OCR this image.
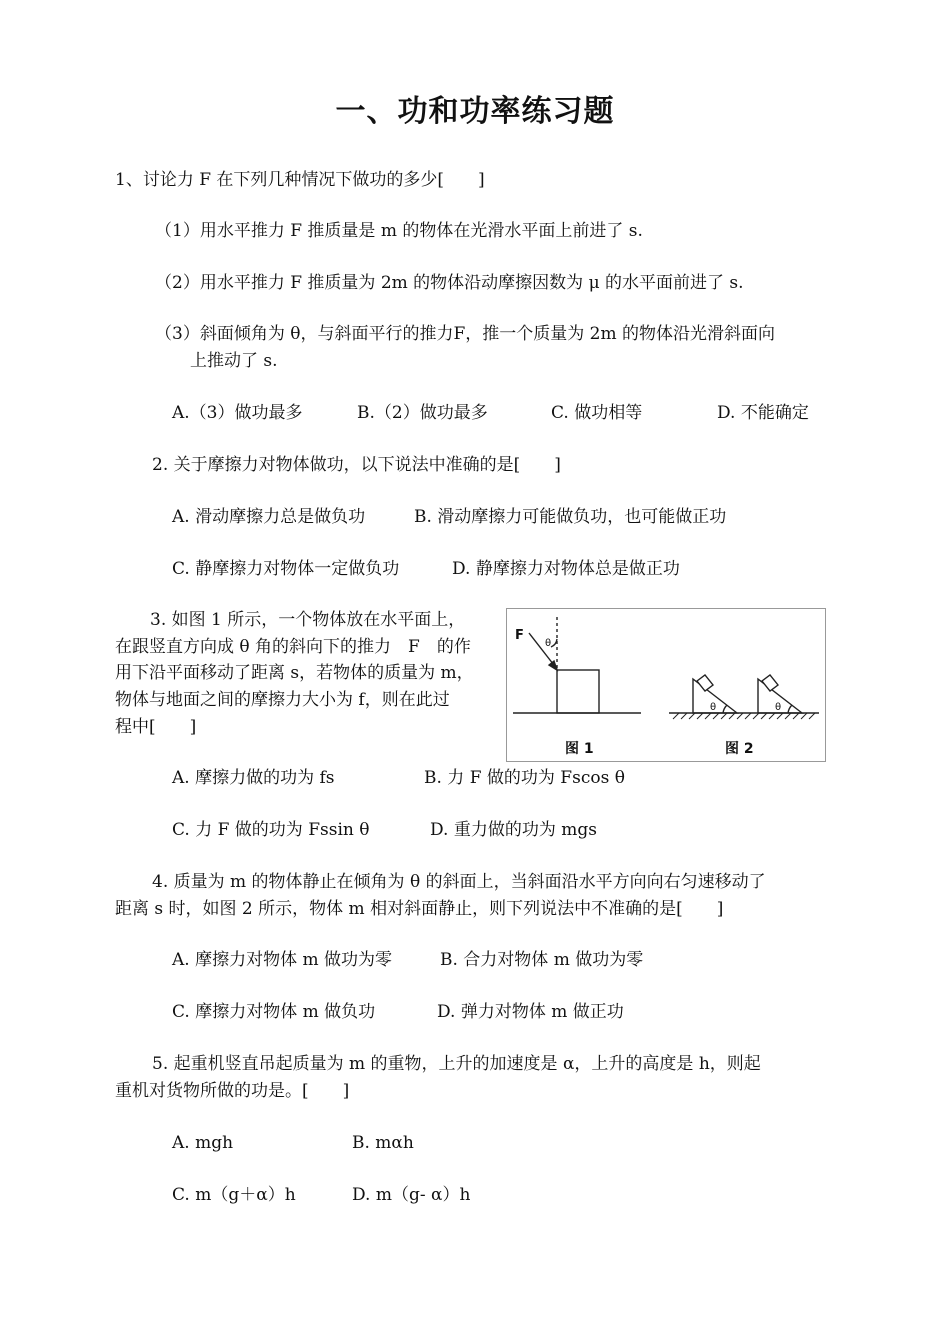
一、功和功率练习题
1、讨论力 F 在下列几种情况下做功的多少[　　]
（1）用水平推力 F 推质量是 m 的物体在光滑水平面上前进了 s.
（2）用水平推力 F 推质量为 2m 的物体沿动摩擦因数为 μ 的水平面前进了 s.
（3）斜面倾角为 θ，与斜面平行的推力F，推一个质量为 2m 的物体沿光滑斜面向
上推动了 s.
A.（3）做功最多	B.（2）做功最多	C. 做功相等	D. 不能确定
2. 关于摩擦力对物体做功，以下说法中准确的是[　　]
A. 滑动摩擦力总是做负功	B. 滑动摩擦力可能做负功，也可能做正功
C. 静摩擦力对物体一定做负功	D. 静摩擦力对物体总是做正功
3. 如图 1 所示，一个物体放在水平面上，
在跟竖直方向成 θ 角的斜向下的推力　F　的作
用下沿平面移动了距离 s，若物体的质量为 m，
物体与地面之间的摩擦力大小为 f，则在此过
程中[　　]
F
θ
图 1
θ	θ
图 2
A. 摩擦力做的功为 fs	B. 力 F 做的功为 Fscos θ
C. 力 F 做的功为 Fssin θ	D. 重力做的功为 mgs
4. 质量为 m 的物体静止在倾角为 θ 的斜面上，当斜面沿水平方向向右匀速移动了
距离 s 时，如图 2 所示，物体 m 相对斜面静止，则下列说法中不准确的是[　　]
A. 摩擦力对物体 m 做功为零	B. 合力对物体 m 做功为零
C. 摩擦力对物体 m 做负功	D. 弹力对物体 m 做正功
5. 起重机竖直吊起质量为 m 的重物，上升的加速度是 α，上升的高度是 h，则起
重机对货物所做的功是。[　　]
A. mgh	B. mαh
C. m（g＋α）h	D. m（g- α）h
